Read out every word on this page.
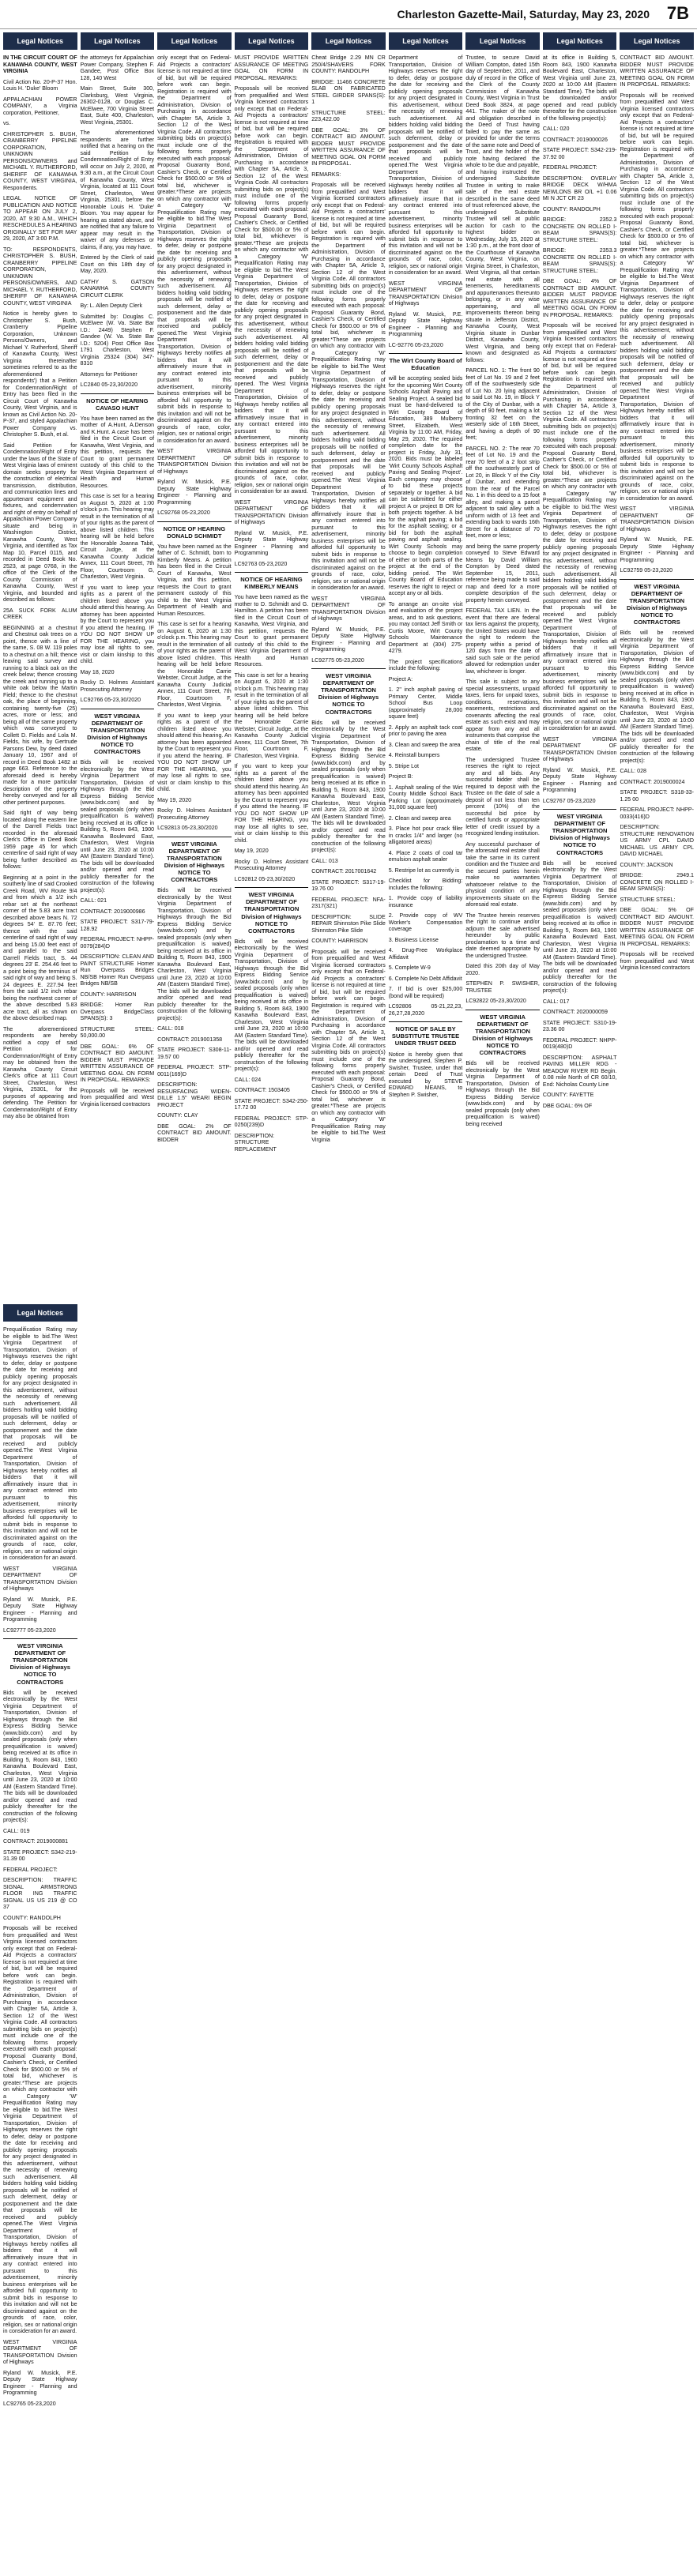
Charleston Gazette-Mail, Saturday, May 23, 2020 7B
Legal Notices

IN THE CIRCUIT COURT OF KANAWHA COUNTY, WEST VIRGINIA

Civil Action No. 20-P-37 Hon. Louis H. 'Duke' Bloom

APPALACHIAN POWER COMPANY, a Virginia corporation, Petitioner,

vs.

CHRISTOPHER S. BUSH, CRANBERRY PIPELINE CORPORATION, UNKNOWN PERSONS/OWNERS and MICHAEL Y. RUTHERFORD, SHERIFF OF KANAWHA COUNTY, WEST VIRGINIA, Respondents.

LEGAL NOTICE OF PUBLICATION AND NOTICE TO APPEAR ON JULY 2, 2020, AT 9:30 A.M., WHICH RESCHEDULES A HEARING ORIGINALLY SET FOR MAY 29, 2020, AT 3:00 P.M.

TO: RESPONDENTS, CHRISTOPHER S. BUSH, CRANBERRY PIPELINE CORPORATION, UNKNOWN PERSONS/OWNERS, AND MICHAEL Y. RUTHERFORD, SHERIFF OF KANAWHA COUNTY, WEST VIRGINIA

Notice is hereby given to Christopher S. Bush, Cranberry Pipeline Corporation, Unknown Persons/Owners, and Michael Y. Rutherford, Sheriff of Kanawha County, West Virginia thereinafter sometimes referred to as the aforementioned respondents') that a Petition for Condemnation/Right of Entry has been filed in the Circuit Court of Kanawha County, West Virginia, and is known as Civil Action No. 20-P-37, and styled Appalachian Power Company vs. Christopher S. Bush, et al.

Said Petition for Condemnation/Right of Entry under the laws of the State of West Virginia laws of eminent domain seeks property for the construction of electrical transmission, distribution, and communication lines and appurtenant equipment and fixtures, and condemnation and right of entry on behalf of Appalachian Power Company situate and being in Washington District, Kanawha County, West Virginia, and identified as Tax Map 10, Parcel 0115, and recorded in Deed Book No. 2523, at page 0768, in the office of the Clerk of the County Commission of Kanawha County, West Virginia, and bounded and described as follows:

25A SUCK FORK ALUM CREEK

BEGINNING at a chestnut and Chestnut oak trees on a point, thence with a line of the same, S. 08 W. 119 poles to a chestnut on a hill; thence leaving said survey and running to a black oak on the creek below; thence crossing the creek and running up to a white oak below the Martin Field; thence to the chestnut oak, the place of beginning, containing twenty-five (25) acres, more or less; and being all of the same property which was conveyed to Collett D. Fields and Lola M. Fields, his wife, by Gertrude Parsons Dew, by deed dated January 10, 1967 and of record in Deed Book 1482 at page 663. Reference to the aforesaid deed is hereby made for a more particular description of the property hereby conveyed and for all other pertinent purposes.

Said right of way being located along the eastern line of the Darrell Fields tract recorded in the aforesaid Clerk's Office in Deed Book 1959 page 45 for which centerline of said right of way being further described as follows:

Beginning at a point in the southerly line of said Crooked Creek Road, WV Route 9/4 and from which a 1/2 inch rebar set at the northeast corner of the 5.83 acre tract described above bears N. 72 degrees 54' E. 87.76 feet; thence with the said centerline of said right of way and being 15.00 feet east of and parallel to the said Darrell Fields tract, S. 44 degrees 23' E. 254.46 feet to a point being the terminus of said right of way and being S. 24 degrees E. 227.94 feet from the said 1/2 inch rebar being the northwest corner of the above described 5.83 acre tract, all as shown on the above described map.

The aforementioned respondents are hereby notified a copy of said Petition for Condemnation/Right of Entry may be obtained from the Kanawha County Circuit Clerk's office at 111 Court Street, Charleston, West Virginia, 25301, for the purposes of appearing and defending. The Petition for Condemnation/Right of Entry may also be obtained from

Legal Notices

the attorneys for Appalachian Power Company, Stephen F. Gandee, Post Office Box 128, 140 West

Main Street, Suite 300, Clarksburg, West Virginia, 26302-0128, or Douglas C. McElwee, 700 Virginia Street East, Suite 400, Charleston, West Virginia, 25301.

The aforementioned respondents are further notified that a hearing on the said Petition for Condemnation/Right of Entry will occur on July 2, 2020, at 9:30 a.m., at the Circuit Court of Kanawha County, West Virginia, located at 111 Court Street, Charleston, West Virginia, 25301, before the Honorable Louis H. 'Duke' Bloom. You may appear for hearing as stated above, and are notified that any failure to appear may result in the waiver of any defenses or claims, if any, you may have.

Entered by the Clerk of said Court on this 18th day of May, 2020.

CATHY S. GATSON KANAWHA COUNTY CIRCUIT CLERK

By: L. Allen Deputy Clerk

Submitted by: Douglas C. McElwee (W. Va. State Bar I.D.: 2449) Stephen F. Gandee (W. Va. State Bar I.D.: 5204) Post Office Box 1791 Charleston, West Virginia 25324 (304) 347-8310

Attorneys for Petitioner

LC2840 05-23,30/2020

NOTICE OF HEARING CAVASO HUNT

You have been named as the mother of A.Hunt, A.Denson and K.Hunt. A case has been filed in the Circuit Court of Kanawha, West Virginia, and this petition, requests the Court to grant permanent custody of this child to the West Virginia Department of Health and Human Resources.

This case is set for a hearing on August 5, 2020 at 1:00 o'clock p.m. This hearing may result in the termination of all of your rights as the parent of above listed children. This hearing will be held before the Honorable Joanna Tabit, Circuit Judge, at the Kanawha County Judicial Annex, 111 Court Street, 7th Floor, Courtroom G, Charleston, West Virginia.

If you want to keep your rights as a parent of the children listed above you should attend this hearing. An attorney has been appointed by the Court to represent you if you attend the hearing. IF YOU DO NOT SHOW UP FOR THE HEARING, you may lose all rights to see, visit or claim kinship to this child.

May 18, 2020

Rocky D. Holmes Assistant Prosecuting Attorney

LC92766 05-23,30/2020

WEST VIRGINIA DEPARTMENT OF TRANSPORTATION Division of Highways NOTICE TO CONTRACTORS

Bids will be received electronically by the West Virginia Department of Transportation, Division of Highways through the Bid Express Bidding Service (www.bidx.com) and by sealed proposals (only when prequalification is waived) being received at its office in Building 5, Room 843, 1900 Kanawha Boulevard East, Charleston, West Virginia until June 23, 2020 at 10:00 AM (Eastern Standard Time). The bids will be downloaded and/or opened and read publicly thereafter for the construction of the following project(s):

CALL: 021

CONTRACT: 2019000986

STATE PROJECT: S317-79-128.92

FEDERAL PROJECT: NHPP-0079(284)D

DESCRIPTION: CLEAN AND PAINT STRUCTURE Homer Run Overpass Bridges NB/SB Homer Run Overpass Bridges NB/SB

COUNTY: HARRISON

BRIDGE: Homer Run Overpass BridgeClass SPANS(S): 3

STRUCTURE STEEL: 50,000.00

DBE GOAL: 6% OF CONTRACT BID AMOUNT. BIDDER MUST PROVIDE WRITTEN ASSURANCE OF MEETING GOAL ON FORM IN PROPOSAL. REMARKS:

Proposals will be received from prequalified and West Virginia licensed contractors

Legal Notices

only except that on Federal-Aid Projects a contractors' license is not required at time of bid, but will be required before work can begin. Registration is required with the Department of Administration, Division of Purchasing in accordance with Chapter 5A, Article 3, Section 12 of the West Virginia Code. All contractors submitting bids on project(s) must include one of the following forms properly executed with each proposal: Proposal Guaranty Bond, Cashier's Check, or Certified Check for $500.00 or 5% of total bid, whichever is greater.*These are projects on which any contractor with a Category 'W' Prequalification Rating may be eligible to bid.The West Virginia Department of Transportation, Division of Highways reserves the right to defer, delay or postpone the date for receiving and publicly opening proposals for any project designated in this advertisement, without the necessity of renewing such advertisement. All bidders holding valid bidding proposals will be notified of such deferment, delay or postponement and the date that proposals will be received and publicly opened.The West Virginia Department of Transportation, Division of Highways hereby notifies all bidders that it will affirmatively insure that in any contract entered into pursuant to this advertisement, minority business enterprises will be afforded full opportunity to submit bids in response to this invitation and will not be discriminated against on the grounds of race, color, religion, sex or national origin in consideration for an award.

WEST VIRGINIA DEPARTMENT OF TRANSPORTATION Division of Highways

Ryland W. Musick, P.E. Deputy State Highway Engineer - Planning and Programming

LC92768 05-23,2020

NOTICE OF HEARING DONALD SCHMIDT

You have been named as the father of C. Schmidt, born to Kimberly Means. A petition has been filed in the Circuit Court of Kanawha, West Virginia, and this petition, requests the Court to grant permanent custody of this child to the West Virginia Department of Health and Human Resources.

This case is set for a hearing on August 6, 2020 at 1:30 o'clock p.m. This hearing may result in the termination of all of your rights as the parent of above listed children. This hearing will be held before the Honorable Carrie Webster, Circuit Judge, at the Kanawha County Judicial Annex, 111 Court Street, 7th Floor, Courtroom F, Charleston, West Virginia.

If you want to keep your rights as a parent of the children listed above you should attend this hearing. An attorney has been appointed by the Court to represent you if you attend the hearing. IF YOU DO NOT SHOW UP FOR THE HEARING, you may lose all rights to see, visit or claim kinship to this child.

May 19, 2020

Rocky D. Holmes Assistant Prosecuting Attorney

LC92813 05-23,30/2020

WEST VIRGINIA DEPARTMENT OF TRANSPORTATION Division of Highways NOTICE TO CONTRACTORS

Bids will be received electronically by the West Virginia Department of Transportation, Division of Highways through the Bid Express Bidding Service (www.bidx.com) and by sealed proposals (only when prequalification is waived) being received at its office in Building 5, Room 843, 1900 Kanawha Boulevard East, Charleston, West Virginia until June 23, 2020 at 10:00 AM (Eastern Standard Time). The bids will be downloaded and/or opened and read publicly thereafter for the construction of the following project(s):

CALL: 018

CONTRACT: 2019001358

STATE PROJECT: S308-11-19.57 00

FEDERAL PROJECT: STP-0011(169)D

DESCRIPTION: RESURFACING WIDEN-DILLE 1.5" WEARI BEGIN PROJECT

COUNTY: CLAY

DBE GOAL: 2% OF CONTRACT BID AMOUNT. BIDDER

Legal Notices

MUST PROVIDE WRITTEN ASSURANCE OF MEETING GOAL ON FORM IN PROPOSAL. REMARKS:

Proposals will be received from prequalified and West Virginia licensed contractors only except that on Federal-Aid Projects a contractors' license is not required at time of bid, but will be required before work can begin. Registration is required with the Department of Administration, Division of Purchasing in accordance with Chapter 5A, Article 3, Section 12 of the West Virginia Code. All contractors submitting bids on project(s) must include one of the following forms properly executed with each proposal: Proposal Guaranty Bond, Cashier's Check, or Certified Check for $500.00 or 5% of total bid, whichever is greater.*These are projects on which any contractor with a Category 'W' Prequalification Rating may be eligible to bid.The West Virginia Department of Transportation, Division of Highways reserves the right to defer, delay or postpone the date for receiving and publicly opening proposals for any project designated in this advertisement, without the necessity of renewing such advertisement. All bidders holding valid bidding proposals will be notified of such deferment, delay or postponement and the date that proposals will be received and publicly opened. The West Virginia Department of Transportation, Division of Highways hereby notifies all bidders that it will affirmatively insure that in any contract entered into pursuant to this advertisement, minority business enterprises will be afforded full opportunity to submit bids in response to this invitation and will not be discriminated against on the grounds of race, color, religion, sex or national origin in consideration for an award.

WEST VIRGINIA DEPARTMENT OF TRANSPORTATION Division of Highways

Ryland W. Musick, P.E. Deputy State Highway Engineer - Planning and Programming

LC92763 05-23,2020

NOTICE OF HEARING KIMBERLY MEANS

You have been named as the mother to D. Schmidt and G. Hamilton. A petition has been filed in the Circuit Court of Kanawha, West Virginia, and this petition, requests the Court to grant permanent custody of this child to the West Virginia Department of Health and Human Resources.

This case is set for a hearing on August 6, 2020 at 1:30 o'clock p.m. This hearing may result in the termination of all of your rights as the parent of above listed children. This hearing will be held before the Honorable Carrie Webster, Circuit Judge, at the Kanawha County Judicial Annex, 111 Court Street, 7th Floor, Courtroom F, Charleston, West Virginia.

If you want to keep your rights as a parent of the children listed above you should attend this hearing. An attorney has been appointed by the Court to represent you if you attend the hearing. IF YOU DO NOT SHOW UP FOR THE HEARING, you may lose all rights to see, visit or claim kinship to this child.

May 19, 2020

Rocky D. Holmes Assistant Prosecuting Attorney

LC92812 05-23,30/2020

WEST VIRGINIA DEPARTMENT OF TRANSPORTATION Division of Highways NOTICE TO CONTRACTORS

Bids will be received electronically by the West Virginia Department of Transportation, Division of Highways through the Bid Express Bidding Service (www.bidx.com) and by sealed proposals (only when prequalification is waived) being received at its office in Building 5, Room 843, 1900 Kanawha Boulevard East, Charleston, West Virginia until June 23, 2020 at 10:00 AM (Eastern Standard Time). The bids will be downloaded and/or opened and read publicly thereafter for the construction of the following project(s):

CALL: 024

CONTRACT: 1503405

STATE PROJECT: S342-250-17.72 00

FEDERAL PROJECT: STP-0250(239)D

DESCRIPTION: STRUCTURE REPLACEMENT

Legal Notices

Cheat Bridge 2.29 MN CR 250/4/SHAVERS FORK COUNTY: RANDOLPH

BRIDGE: 11466 CONCRETE SLAB ON FABRICATED STEEL GIRDER SPANS(S): 1

STRUCTURE STEEL: 223,422.00

DBE GOAL: 3% OF CONTRACT BID AMOUNT. BIDDER MUST PROVIDE WRITTEN ASSURANCE OF MEETING GOAL ON FORM IN PROPOSAL.

REMARKS:

Proposals will be received from prequalified and West Virginia licensed contractors only except that on Federal-Aid Projects a contractors' license is not required at time of bid, but will be required before work can begin. Registration is required with the Department of Administration, Division of Purchasing in accordance with Chapter 5A, Article 3, Section 12 of the West Virginia Code. All contractors submitting bids on project(s) must include one of the following forms properly executed with each proposal: Proposal Guaranty Bond, Cashier's Check, or Certified Check for $500.00 or 5% of total bid, whichever is greater.*These are projects on which any contractor with a Category 'W' Prequalification Rating may be eligible to bid.The West Virginia Department of Transportation, Division of Highways reserves the right to defer, delay or postpone the date for receiving and publicly opening proposals for any project designated in this advertisement, without the necessity of renewing such advertisement. All bidders holding valid bidding proposals will be notified of such deferment, delay or postponement and the date that proposals will be received and publicly opened.The West Virginia Department of Transportation, Division of Highways hereby notifies all bidders that it will affirmatively insure that in any contract entered into pursuant to this advertisement, minority business enterprises will be afforded full opportunity to submit bids in response to this invitation and will not be discriminated against on the grounds of race, color, religion, sex or national origin in consideration for an award.

WEST VIRGINIA DEPARTMENT OF TRANSPORTATION Division of Highways

Ryland W. Musick, P.E. Deputy State Highway Engineer - Planning and Programming

LC92775 05-23,2020

WEST VIRGINIA DEPARTMENT OF TRANSPORTATION Division of Highways NOTICE TO CONTRACTORS

Bids will be received electronically by the West Virginia Department of Transportation, Division of Highways through the Bid Express Bidding Service (www.bidx.com) and by sealed proposals (only when prequalification is waived) being received at its office in Building 5, Room 843, 1900 Kanawha Boulevard East, Charleston, West Virginia until June 23, 2020 at 10:00 AM (Eastern Standard Time). The bids will be downloaded and/or opened and read publicly thereafter for the construction of the following project(s):

CALL: 013

CONTRACT: 2017001642

STATE PROJECT: S317-19-19.76 00

FEDERAL PROJECT: NFA-2317(321)

DESCRIPTION: SLIDE REPAIR Shinnston Pike Slide Shinnston Pike Slide

COUNTY: HARRISON

Proposals will be received from prequalified and West Virginia licensed contractors only except that on Federal-Aid Projects a contractors' license is not required at time of bid, but will be required before work can begin. Registration is required with the Department of Administration, Division of Purchasing in accordance with Chapter 5A, Article 3, Section 12 of the West Virginia Code. All contractors submitting bids on project(s) must include one of the following forms properly executed with each proposal: Proposal Guaranty Bond, Cashier's Check, or Certified Check for $500.00 or 5% of total bid, whichever is greater.*These are projects on which any contractor with a Category 'W' Prequalification Rating may be eligible to bid.The West Virginia

Legal Notices

Department of Transportation, Division of Highways reserves the right to defer, delay or postpone the date for receiving and publicly opening proposals for any project designated in this advertisement, without the necessity of renewing such advertisement. All bidders holding valid bidding proposals will be notified of such deferment, delay or postponement and the date that proposals will be received and publicly opened.The West Virginia Department of Transportation, Division of Highways hereby notifies all bidders that it will affirmatively insure that in any contract entered into pursuant to this advertisement, minority business enterprises will be afforded full opportunity to submit bids in response to this invitation and will not be discriminated against on the grounds of race, color, religion, sex or national origin in consideration for an award.

WEST VIRGINIA DEPARTMENT OF TRANSPORTATION Division of Highways

Ryland W. Musick, P.E. Deputy State Highway Engineer - Planning and Programming

LC-92776 05-23,2020

The Wirt County Board of Education

will be accepting sealed bids for the upcoming Wirt County Schools Asphalt Paving and Sealing Project. A sealed bid must be hand-delivered to Wirt County Board of Education, 389 Mulberry Street, Elizabeth, West Virginia by 11:00 AM, Friday, May 29, 2020. The required completion date for the project is Friday, July 31, 2020. Bids must be labeled 'Wirt County Schools Asphalt Paving and Sealing Project'. Each company may choose to bid these projects separately or together. A bid can be submitted for either project A or project B OR for both projects together. A bid for the asphalt paving; a bid for the asphalt sealing; or a bid for both the asphalt paving and asphalt sealing. Wirt County Schools may choose to begin completion of either or both parts of the project at the end of the bidding period. The Wirt County Board of Education reserves the right to reject or accept any or all bids.

To arrange an on-site visit and evaluation of the project areas, and to ask questions, you may contact Jeff Smith or Curtis Moore, Wirt County Schools Maintenance Department at (304) 275-4279.

The project specifications include the following:

Project A:

1. 2" inch asphalt paving of Primary Center, Middle School Bus Loop (approximately 28,000 square feet)

2. Apply an asphalt tack coat prior to paving the area

3. Clean and sweep the area

4. Reinstall bumpers

5. Stripe Lot

Project B:

1. Asphalt sealing of the Wirt County Middle School Back Parking Lot (approximately 31,000 square feet)

2. Clean and sweep area

3. Place hot pour crack filler in cracks 1/4" and larger (no alligatored areas)

4. Place 2 coats of coal tar emulsion asphalt sealer

5. Restripe lot as currently is

Checklist for Bidding: includes the following:

1. Provide copy of liability insurance

2. Provide copy of WV Worker's Compensation coverage

3. Business License

4. Drug-Free Workplace Affidavit

5. Complete W-9

6. Complete No Debt Affidavit

7. If bid is over $25,000 (bond will be required)

LC92806 05-21,22,23, 26,27,28,2020

NOTICE OF SALE BY SUBSTITUTE TRUSTEE UNDER TRUST DEED

Notice is hereby given that the undersigned, Stephen P. Swisher, Trustee, under that certain Deed of Trust executed by STEVE EDWARD MEANS, to Stephen P. Swisher,

Legal Notices

Trustee, to secure David William Compton, dated 15th day of September, 2011, and duly of record in the Office of the Clerk of the County Commission of Kanawha County, West Virginia in Trust Deed Book 3824, at page 441. The maker of the note and obligation described in the Deed of Trust having failed to pay the same as provided for under the terms of the same note and Deed of Trust, and the holder of the note having declared the whole to be due and payable, and having instructed the undersigned Substitute Trustee in writing to make sale of the real estate described in the same deed of trust referenced above, the undersigned Substitute Trustee will sell at public auction for cash to the highest bidder on Wednesday, July 15, 2020 at 1:30 p.m., at the front door of the Courthouse of Kanawha County, West Virginia, on Virginia Street, in Charleston, West Virginia, all that certain real estate with all tenements, hereditaments and appurtenances thereunto belonging, or in any wise appertaining, and all improvements thereon being situate in Jefferson District, Kanawha County, West Virginia situate in Dunbar District, Kanawha County, West Virginia, and being known and designated as follows:

PARCEL NO. 1: The front 90 feet of Lot No. 19 and 2 feet off of the southwesterly side of Lot No. 20 lying adjacent to said Lot No. 19, in Block Y of the City of Dunbar, with a depth of 90 feet, making a lot fronting 32 feet on the westerly side of 16th Street, and having a depth of 90 feet;

PARCEL NO. 2: The rear 70 feet of Lot No. 19 and the rear 70 feet of a 2 foot strip off the southwesterly part of Lot 20, in Block Y of the City of Dunbar, and extending from the rear of the Parcel No. 1 in this deed to a 15 foot alley, and making a parcel adjacent to said alley with a uniform width of 13 feet and extending back to wards 16th Street for a distance of 70 feet, more or less;

and being the same property conveyed to Steve Edward Means by David William Compton by Deed dated September 15, 2011, reference being made to said map and deed for a more complete description of the property herein conveyed.

FEDERAL TAX LIEN. In the event that there are federal tax liens against the property, the United States would have the right to redeem the property within a period of 120 days from the date of said such sale or the period allowed for redemption under law, whichever is longer.

This sale is subject to any special assessments, unpaid taxes, liens for unpaid taxes, conditions, reservations, easements, restrictions and covenants affecting the real estate as such exist and may appear from any and all instruments that comprise the chain of title of the real estate.

The undersigned Trustee reserves the right to reject any and all bids. Any successful bidder shall be required to deposit with the Trustee on the date of sale a deposit of not less than ten percent (10%) of the successful bid price by certified funds or appropriate letter of credit issued by a recognized lending institution.

Any successful purchaser of the aforesaid real estate shall take the same in its current condition and the Trustee and the secured parties herein make no warranties whatsoever relative to the physical condition of any improvements situate on the aforesaid real estate.

The Trustee herein reserves the right to continue and/or adjourn the sale advertised hereunder by public proclamation to a time and date deemed appropriate by the undersigned Trustee.

Dated this 20th day of May 2020.

STEPHEN P. SWISHER, TRUSTEE

LC92822 05-23,30/2020

WEST VIRGINIA DEPARTMENT OF TRANSPORTATION Division of Highways NOTICE TO CONTRACTORS

Bids will be received electronically by the West Virginia Department of Transportation, Division of Highways through the Bid Express Bidding Service (www.bidx.com) and by sealed proposals (only when prequalification is waived) being received

Legal Notices

at its office in Building 5, Room 843, 1900 Kanawha Boulevard East, Charleston, West Virginia until June 23, 2020 at 10:00 AM (Eastern Standard Time). The bids will be downloaded and/or opened and read publicly thereafter for the construction of the following project(s):

CALL: 020

CONTRACT: 2019000026

STATE PROJECT: S342-219-37.92 00

FEDERAL PROJECT:

DESCRIPTION: OVERLAY BRIDGE DECK W/HMA NEWLONS BR O/L +1 0.06 MI N JCT CR 23

COUNTY: RANDOLPH

BRIDGE: 2352.3 CONCRETE ON ROLLED I-BEAM SPANS(S): STRUCTURE STEEL:

BRIDGE: 2353.3 CONCRETE ON ROLLED I-BEAM SPANS(S): STRUCTURE STEEL:

DBE GOAL: 4% OF CONTRACT BID AMOUNT. BIDDER MUST PROVIDE WRITTEN ASSURANCE OF MEETING GOAL ON FORM IN PROPOSAL. REMARKS:

Proposals will be received from prequalified and West Virginia licensed contractors only except that on Federal-Aid Projects a contractors' license is not required at time of bid, but will be required before work can begin. Registration is required with the Department of Administration, Division of Purchasing in accordance with Chapter 5A, Article 3, Section 12 of the West Virginia Code. All contractors submitting bids on project(s) must include one of the following forms properly executed with each proposal: Proposal Guaranty Bond, Cashier's Check, or Certified Check for $500.00 or 5% of total bid, whichever is greater.*These are projects on which any contractor with a Category 'W' Prequalification Rating may be eligible to bid.The West Virginia Department of Transportation, Division of Highways reserves the right to defer, delay or postpone the date for receiving and publicly opening proposals for any project designated in this advertisement, without the necessity of renewing such advertisement. All bidders holding valid bidding proposals will be notified of such deferment, delay or postponement and the date that proposals will be received and publicly opened.The West Virginia Department of Transportation, Division of Highways hereby notifies all bidders that it will affirmatively insure that in any contract entered into pursuant to this advertisement, minority business enterprises will be afforded full opportunity to submit bids in response to this invitation and will not be discriminated against on the grounds of race, color, religion, sex or national origin in consideration for an award.

WEST VIRGINIA DEPARTMENT OF TRANSPORTATION Division of Highways

Ryland W. Musick, P.E. Deputy State Highway Engineer - Planning and Programming

LC92767 05-23,2020

WEST VIRGINIA DEPARTMENT OF TRANSPORTATION Division of Highways NOTICE TO CONTRACTORS

Bids will be received electronically by the West Virginia Department of Transportation, Division of Highways through the Bid Express Bidding Service (www.bidx.com) and by sealed proposals (only when prequalification is waived) being received at its office in Building 5, Room 843, 1900 Kanawha Boulevard East, Charleston, West Virginia until June 23, 2020 at 10:00 AM (Eastern Standard Time). The bids will be downloaded and/or opened and read publicly thereafter for the construction of the following project(s):

CALL: 017

CONTRACT: 2020000059

STATE PROJECT: S310-19-23.36 00

FEDERAL PROJECT: NHPP-0019(480)D

DESCRIPTION: ASPHALT PAVING MILLER RDG - MEADOW RIVER RD Begin. 0.08 mile North of CR 60/10, End: Nicholas County Line

COUNTY: FAYETTE

DBE GOAL: 6% OF

Legal Notices

CONTRACT BID AMOUNT. BIDDER MUST PROVIDE WRITTEN ASSURANCE OF MEETING GOAL ON FORM IN PROPOSAL. REMARKS:

Proposals will be received from prequalified and West Virginia licensed contractors only except that on Federal-Aid Projects a contractors' license is not required at time of bid, but will be required before work can begin. Registration is required with the Department of Administration, Division of Purchasing in accordance with Chapter 5A, Article 3, Section 12 of the West Virginia Code. All contractors submitting bids on project(s) must include one of the following forms properly executed with each proposal: Proposal Guaranty Bond, Cashier's Check, or Certified Check for $500.00 or 5% of total bid, whichever is greater.*These are projects on which any contractor with a Category 'W' Prequalification Rating may be eligible to bid.The West Virginia Department of Transportation, Division of Highways reserves the right to defer, delay or postpone the date for receiving and publicly opening proposals for any project designated in this advertisement, without the necessity of renewing such advertisement. All bidders holding valid bidding proposals will be notified of such deferment, delay or postponement and the date that proposals will be received and publicly opened.The West Virginia Department of Transportation, Division of Highways hereby notifies all bidders that it will affirmatively insure that in any contract entered into pursuant to this advertisement, minority business enterprises will be afforded full opportunity to submit bids in response to this invitation and will not be discriminated against on the grounds of race, color, religion, sex or national origin in consideration for an award.

WEST VIRGINIA DEPARTMENT OF TRANSPORTATION Division of Highways

Ryland W. Musick, P.E. Deputy State Highway Engineer - Planning and Programming

LC92759 05-23,2020

WEST VIRGINIA DEPARTMENT OF TRANSPORTATION Division of Highways NOTICE TO CONTRACTORS

Bids will be received electronically by the West Virginia Department of Transportation, Division of Highways through the Bid Express Bidding Service (www.bidx.com) and by sealed proposals (only when prequalification is waived) being received at its office in Building 5, Room 843, 1900 Kanawha Boulevard East, Charleston, West Virginia until June 23, 2020 at 10:00 AM (Eastern Standard Time). The bids will be downloaded and/or opened and read publicly thereafter for the construction of the following project(s):

CALL: 028

CONTRACT: 2019000024

STATE PROJECT: S318-33-1.25 00

FEDERAL PROJECT: NHPP-0033(416)D

DESCRIPTION: STRUCTURE RENOVATION US ARMY CPL DAVID MICHAEL US ARMY CPL DAVID MICHAEL

COUNTY: JACKSON

BRIDGE: 2949.1 CONCRETE ON ROLLED I-BEAM SPANS(S):

STRUCTURE STEEL:

DBE GOAL: 5% OF CONTRACT BID AMOUNT. BIDDER MUST PROVIDE WRITTEN ASSURANCE OF MEETING GOAL ON FORM IN PROPOSAL. REMARKS:

Proposals will be received from prequalified and West Virginia licensed contractors

Legal Notices

Prequalification Rating may be eligible to bid.The West Virginia Department of Transportation, Division of Highways reserves the right to defer, delay or postpone the date for receiving and publicly opening proposals for any project designated in this advertisement, without the necessity of renewing such advertisement. All bidders holding valid bidding proposals will be notified of such deferment, delay or postponement and the date that proposals will be received and publicly opened.The West Virginia Department of Transportation, Division of Highways hereby notifies all bidders that it will affirmatively insure that in any contract entered into pursuant to this advertisement, minority business enterprises will be afforded full opportunity to submit bids in response to this invitation and will not be discriminated against on the grounds of race, color, religion, sex or national origin in consideration for an award.

WEST VIRGINIA DEPARTMENT OF TRANSPORTATION Division of Highways

Ryland W. Musick, P.E. Deputy State Highway Engineer - Planning and Programming

LC92777 05-23,2020

WEST VIRGINIA DEPARTMENT OF TRANSPORTATION Division of Highways NOTICE TO CONTRACTORS

Bids will be received electronically by the West Virginia Department of Transportation, Division of Highways through the Bid Express Bidding Service (www.bidx.com) and by sealed proposals (only when prequalification is waived) being received at its office in Building 5, Room 843, 1900 Kanawha Boulevard East, Charleston, West Virginia until June 23, 2020 at 10:00 AM (Eastern Standard Time). The bids will be downloaded and/or opened and read publicly thereafter for the construction of the following project(s):

CALL: 019

CONTRACT: 2019000881

STATE PROJECT: S342-219-31.39 00

FEDERAL PROJECT:

DESCRIPTION: TRAFFIC SIGNAL ARMSTRONG FLOOR ING TRAFFIC SIGNAL US US 219 @ CO 37

COUNTY: RANDOLPH

Proposals will be received from prequalified and West Virginia licensed contractors only except that on Federal-Aid Projects a contractors' license is not required at time of bid, but will be required before work can begin. Registration is required with the Department of Administration, Division of Purchasing in accordance with Chapter 5A, Article 3, Section 12 of the West Virginia Code. All contractors submitting bids on project(s) must include one of the following forms properly executed with each proposal: Proposal Guaranty Bond, Cashier's Check, or Certified Check for $500.00 or 5% of total bid, whichever is greater.*These are projects on which any contractor with a Category 'W' Prequalification Rating may be eligible to bid.The West Virginia Department of Transportation, Division of Highways reserves the right to defer, delay or postpone the date for receiving and publicly opening proposals for any project designated in this advertisement, without the necessity of renewing such advertisement. All bidders holding valid bidding proposals will be notified of such deferment, delay or postponement and the date that proposals will be received and publicly opened.The West Virginia Department of Transportation, Division of Highways hereby notifies all bidders that it will affirmatively insure that in any contract entered into pursuant to this advertisement, minority business enterprises will be afforded full opportunity to submit bids in response to this invitation and will not be discriminated against on the grounds of race, color, religion, sex or national origin in consideration for an award.

WEST VIRGINIA DEPARTMENT OF TRANSPORTATION Division of Highways

Ryland W. Musick, P.E. Deputy State Highway Engineer - Planning and Programming

LC92765 05-23,2020
